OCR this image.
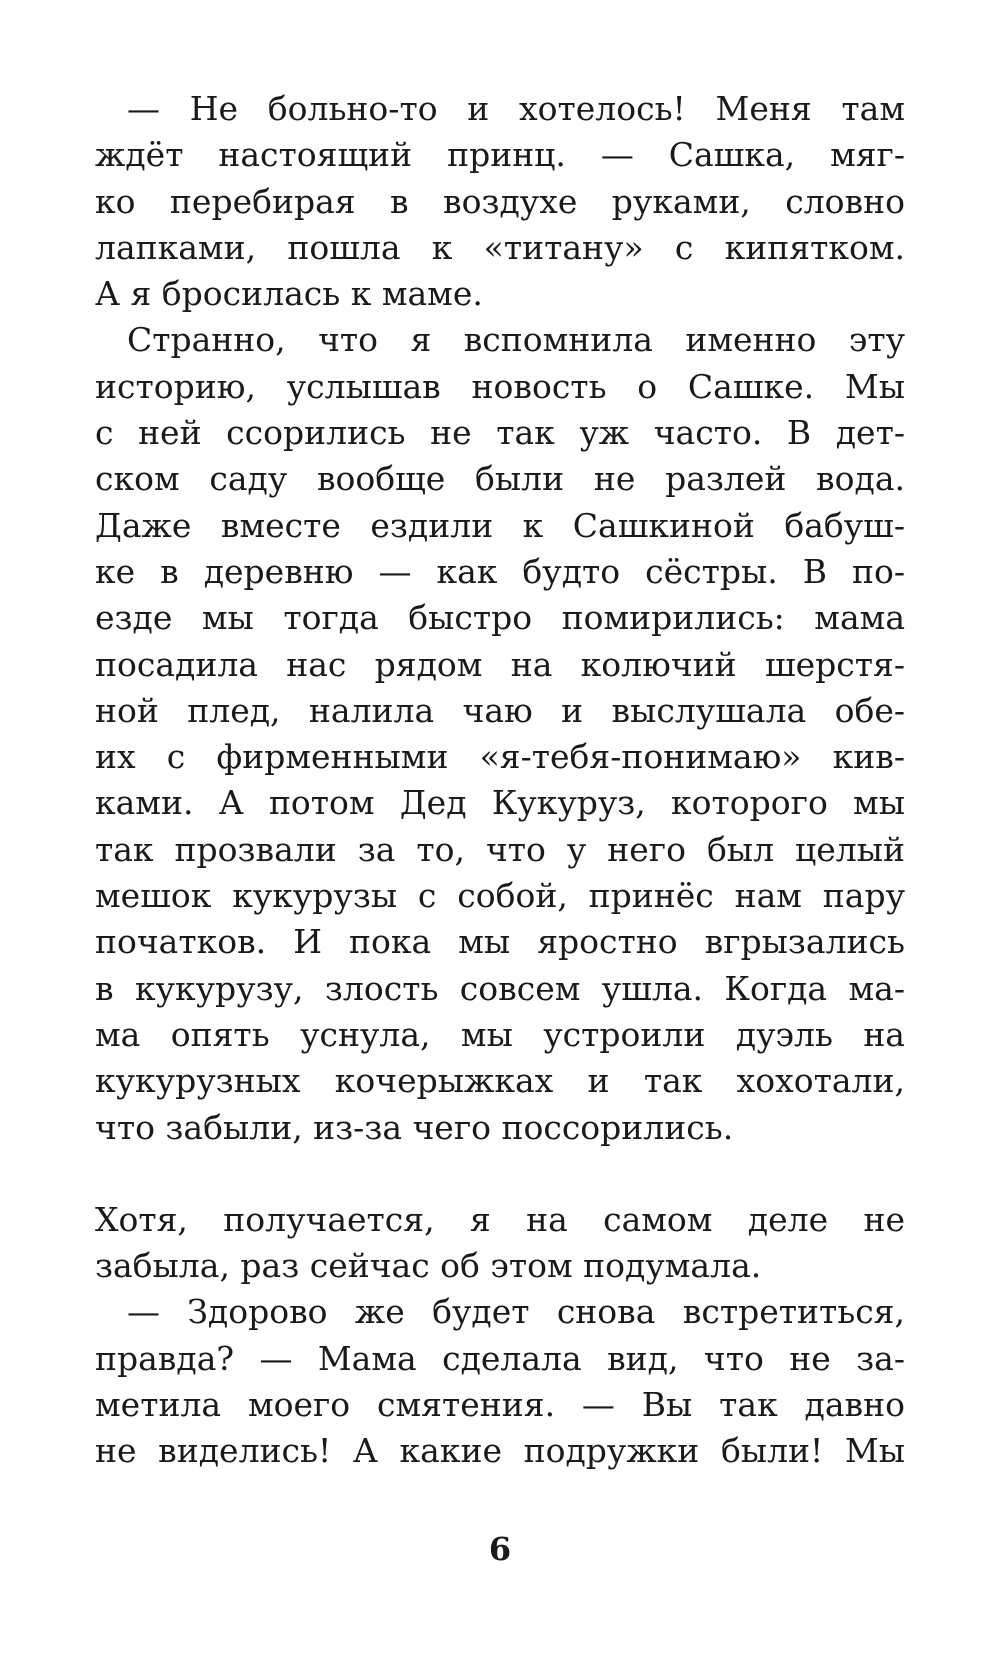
— Не больно-то и хотелось! Меня там
ждёт настоящий принц. — Сашка, мяг-
ко перебирая в воздухе руками, словно
лапками, пошла к «титану» с кипятком.
А я бросилась к маме.
Странно, что я вспомнила именно эту
историю, услышав новость о Сашке. Мы
с ней ссорились не так уж часто. В дет-
ском саду вообще были не разлей вода.
Даже вместе ездили к Сашкиной бабуш-
ке в деревню — как будто сёстры. В по-
езде мы тогда быстро помирились: мама
посадила нас рядом на колючий шерстя-
ной плед, налила чаю и выслушала обе-
их с фирменными «я-тебя-понимаю» кив-
ками. А потом Дед Кукуруз, которого мы
так прозвали за то, что у него был целый
мешок кукурузы с собой, принёс нам пару
початков. И пока мы яростно вгрызались
в кукурузу, злость совсем ушла. Когда ма-
ма опять уснула, мы устроили дуэль на
кукурузных кочерыжках и так хохотали,
что забыли, из-за чего поссорились.
Хотя, получается, я на самом деле не
забыла, раз сейчас об этом подумала.
— Здорово же будет снова встретиться,
правда? — Мама сделала вид, что не за-
метила моего смятения. — Вы так давно
не виделись! А какие подружки были! Мы
6
